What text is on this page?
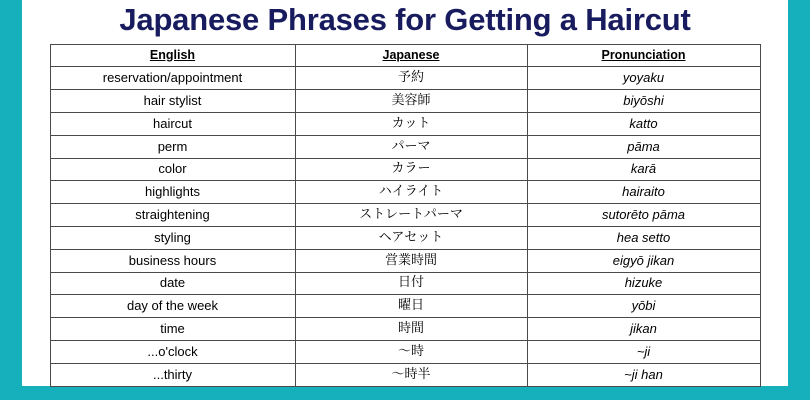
Japanese Phrases for Getting a Haircut
English	Japanese	Pronunciation
reservation/appointment	予約	yoyaku
hair stylist	美容師	biyōshi
haircut	カット	katto
perm	パーマ	pāma
color	カラー	karā
highlights	ハイライト	hairaito
straightening	ストレートパーマ	sutorēto pāma
styling	ヘアセット	hea setto
business hours	営業時間	eigyō jikan
date	日付	hizuke
day of the week	曜日	yōbi
time	時間	jikan
...o'clock	〜時	~ji
...thirty	〜時半	~ji han
